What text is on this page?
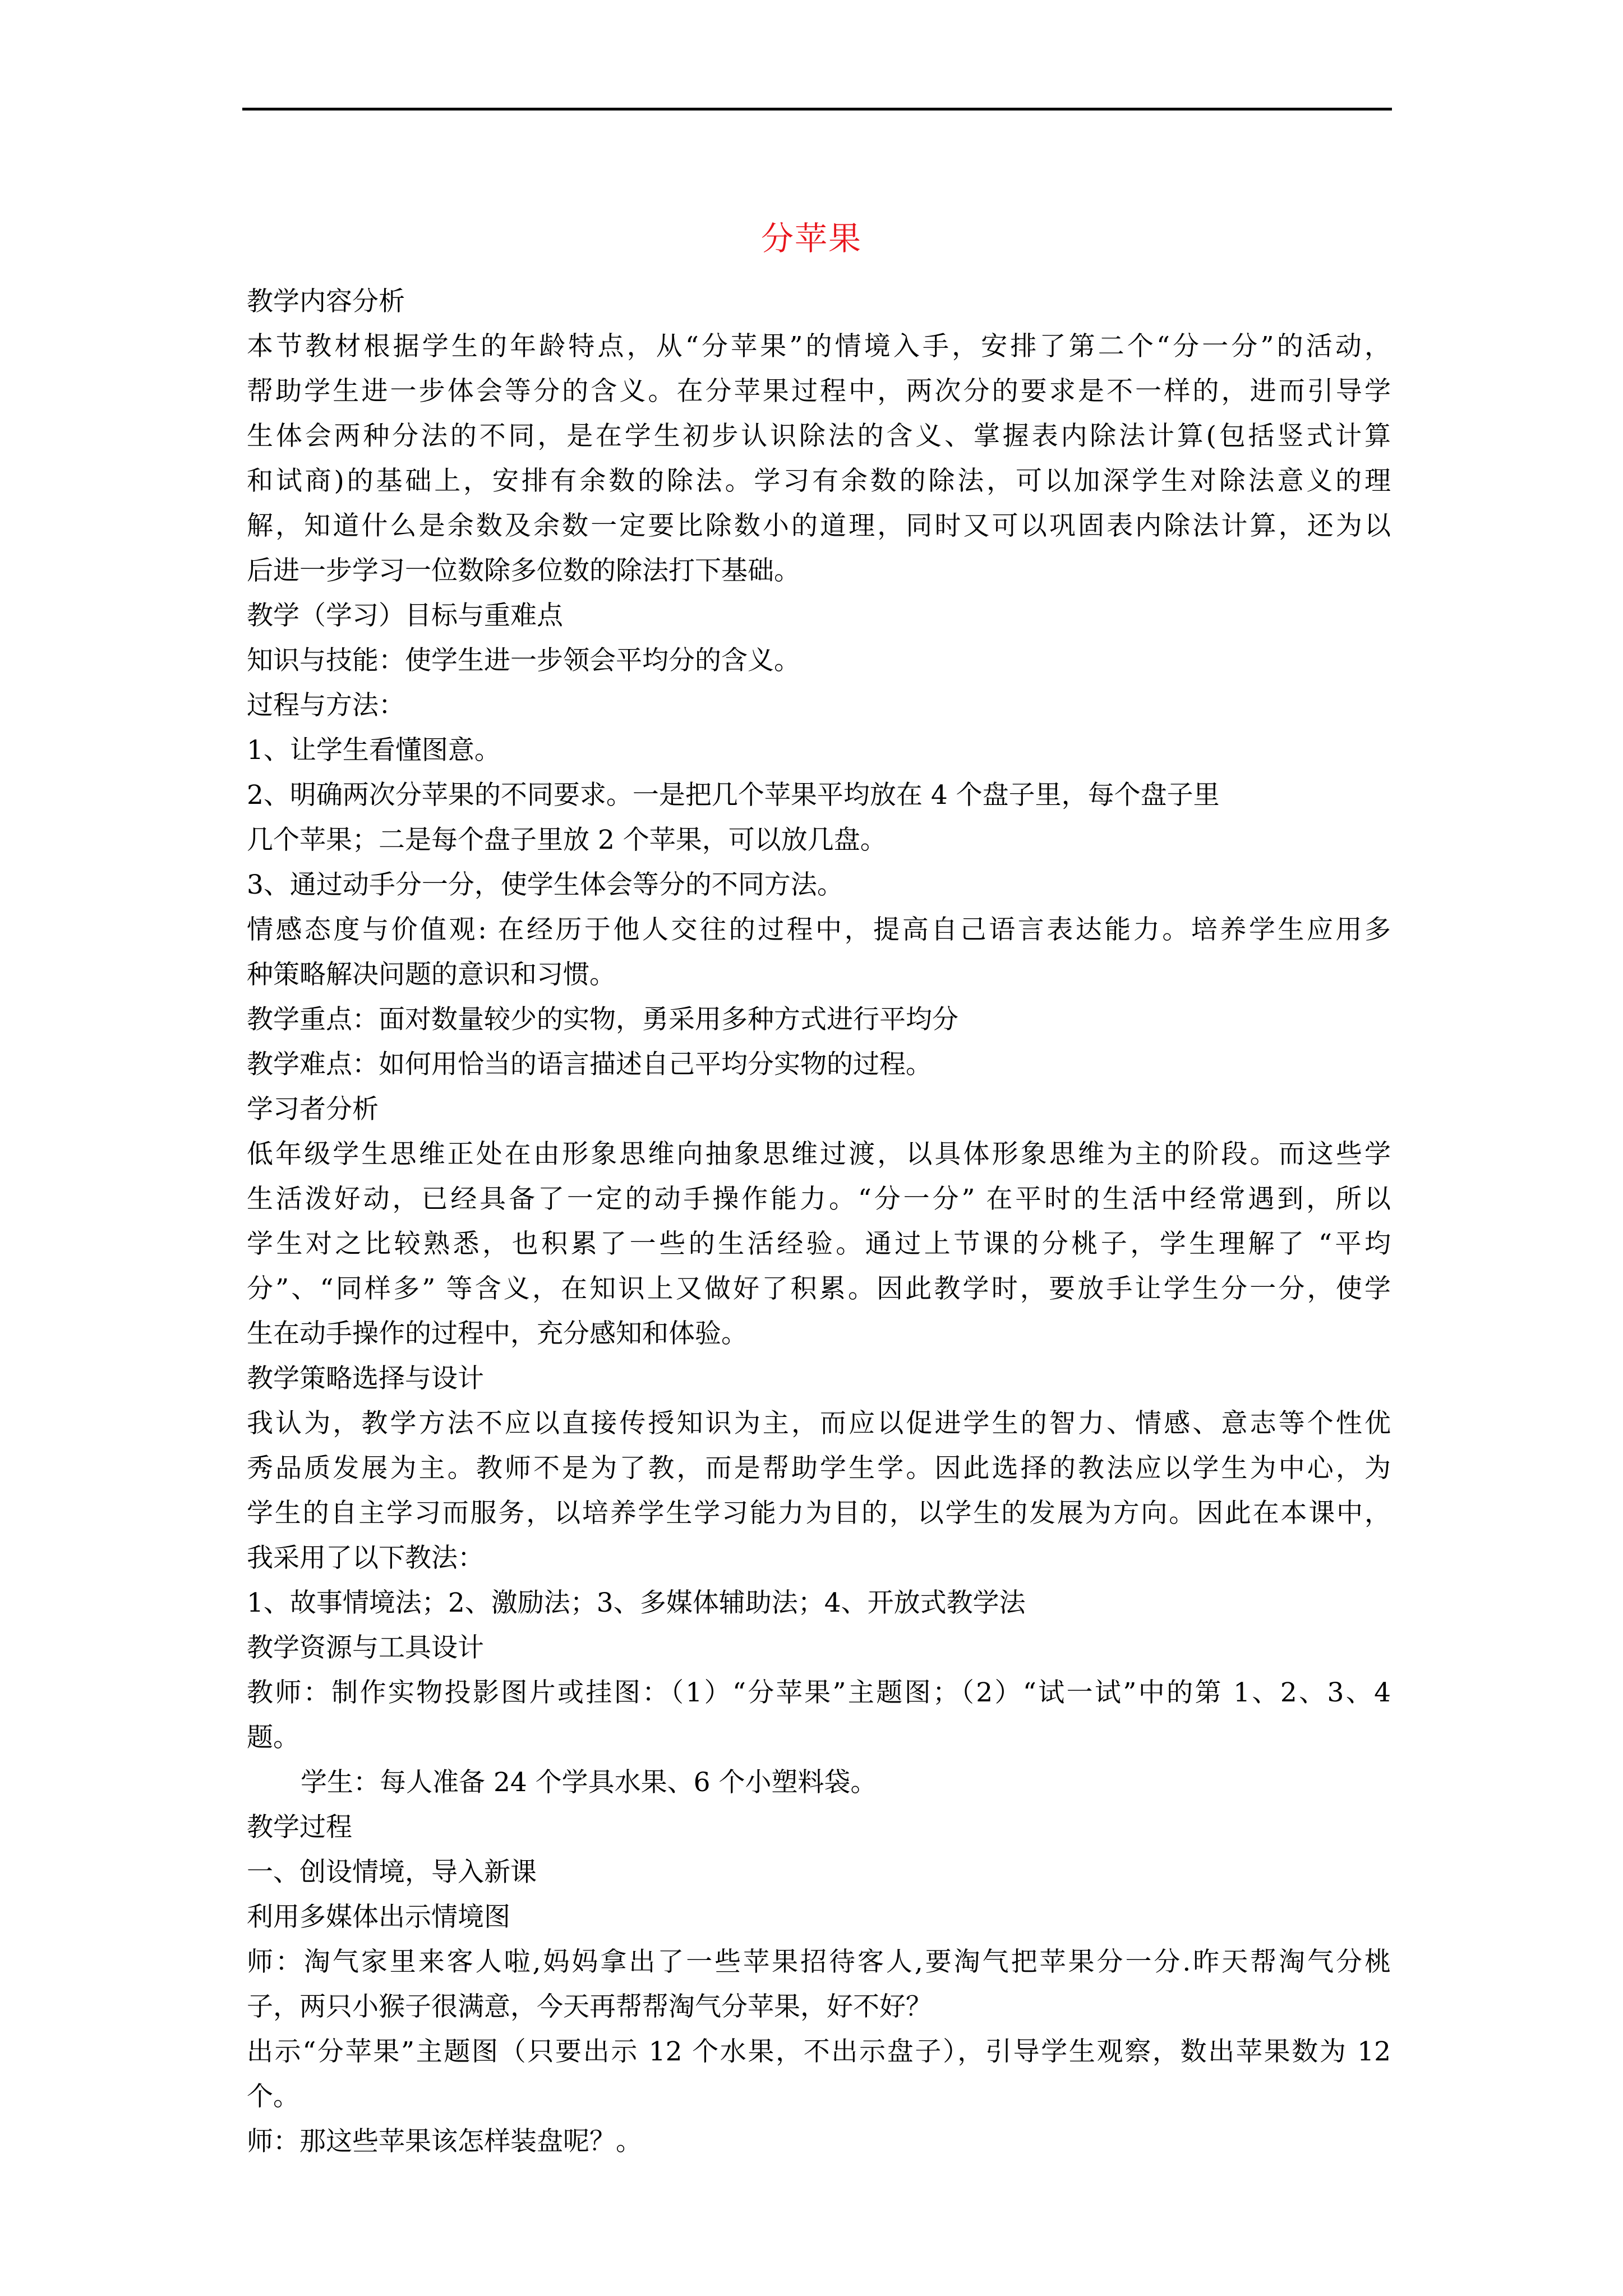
分苹果
教学内容分析
本节教材根据学生的年龄特点，从“分苹果”的情境入手，安排了第二个“分一分”的活动，
帮助学生进一步体会等分的含义。在分苹果过程中，两次分的要求是不一样的，进而引导学
生体会两种分法的不同，是在学生初步认识除法的含义、掌握表内除法计算(包括竖式计算
和试商)的基础上，安排有余数的除法。学习有余数的除法，可以加深学生对除法意义的理
解，知道什么是余数及余数一定要比除数小的道理，同时又可以巩固表内除法计算，还为以
后进一步学习一位数除多位数的除法打下基础。
教学（学习）目标与重难点
知识与技能：使学生进一步领会平均分的含义。
过程与方法：
1、让学生看懂图意。
2、明确两次分苹果的不同要求。一是把几个苹果平均放在 4 个盘子里，每个盘子里
几个苹果；二是每个盘子里放 2 个苹果，可以放几盘。
3、通过动手分一分，使学生体会等分的不同方法。
情感态度与价值观: 在经历于他人交往的过程中，提高自己语言表达能力。培养学生应用多
种策略解决问题的意识和习惯。
教学重点：面对数量较少的实物，勇采用多种方式进行平均分
教学难点：如何用恰当的语言描述自己平均分实物的过程。
学习者分析
低年级学生思维正处在由形象思维向抽象思维过渡，以具体形象思维为主的阶段。而这些学
生活泼好动，已经具备了一定的动手操作能力。“分一分” 在平时的生活中经常遇到，所以
学生对之比较熟悉，也积累了一些的生活经验。通过上节课的分桃子，学生理解了 “平均
分”、“同样多” 等含义，在知识上又做好了积累。因此教学时，要放手让学生分一分，使学
生在动手操作的过程中，充分感知和体验。
教学策略选择与设计
我认为，教学方法不应以直接传授知识为主，而应以促进学生的智力、情感、意志等个性优
秀品质发展为主。教师不是为了教，而是帮助学生学。因此选择的教法应以学生为中心，为
学生的自主学习而服务，以培养学生学习能力为目的，以学生的发展为方向。因此在本课中，
我采用了以下教法：
1、故事情境法；2、激励法；3、多媒体辅助法；4、开放式教学法
教学资源与工具设计
教师：制作实物投影图片或挂图：（1）“分苹果”主题图；（2）“试一试”中的第 1、2、3、4
题。
学生：每人准备 24 个学具水果、6 个小塑料袋。
教学过程
一、创设情境，导入新课
利用多媒体出示情境图
师：淘气家里来客人啦,妈妈拿出了一些苹果招待客人,要淘气把苹果分一分.昨天帮淘气分桃
子，两只小猴子很满意，今天再帮帮淘气分苹果，好不好？
出示“分苹果”主题图（只要出示 12 个水果，不出示盘子），引导学生观察，数出苹果数为 12
个。
师：那这些苹果该怎样装盘呢？。
